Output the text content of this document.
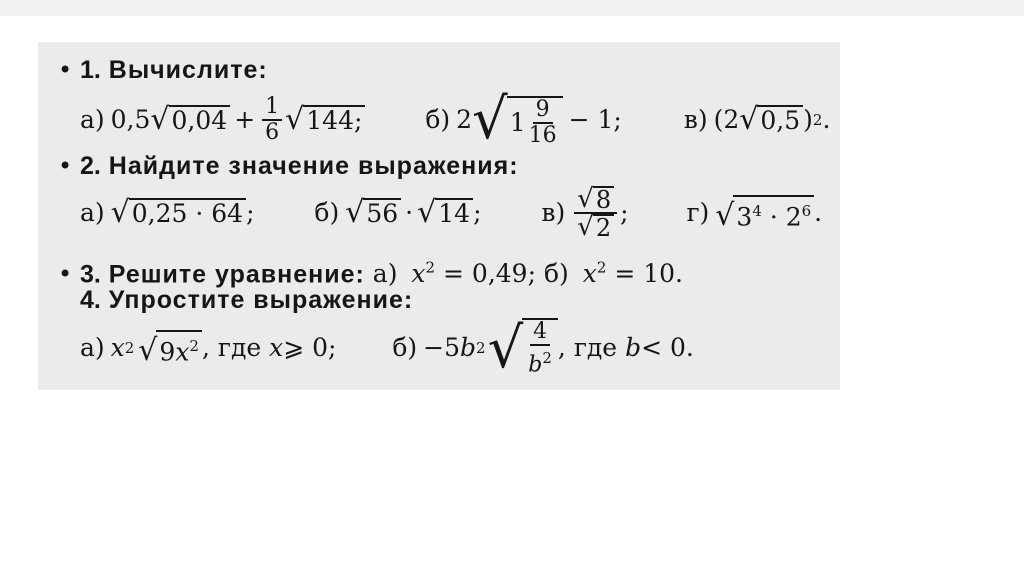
• 1. Вычислите:

а) 0,5 √ $0,04 + \frac{1}{6}$ √ 144;
	б) 2 √ $1 \frac{9}{16} - 1$;
в) (2 √ 0,5 ) 2 .
• 2. Найдите значение выражения:

а) √ 0,25 · 64 ;
б) √ 56 · √ 14 ;
$в) \frac{√ 8}{√ 2}$ ;
г) √ $3^4 \cdot 2^6$ .
• 3. Решите уравнение: а) $x^2 = 0,49$; б) $x^2 = 10$.
4. Упростите выражение:

а) x 2 √ $9x^2$ , где
x ⩾ 0;
б) −5 b 2 √ $\frac{4}{b^2}$ , где
b < 0.
